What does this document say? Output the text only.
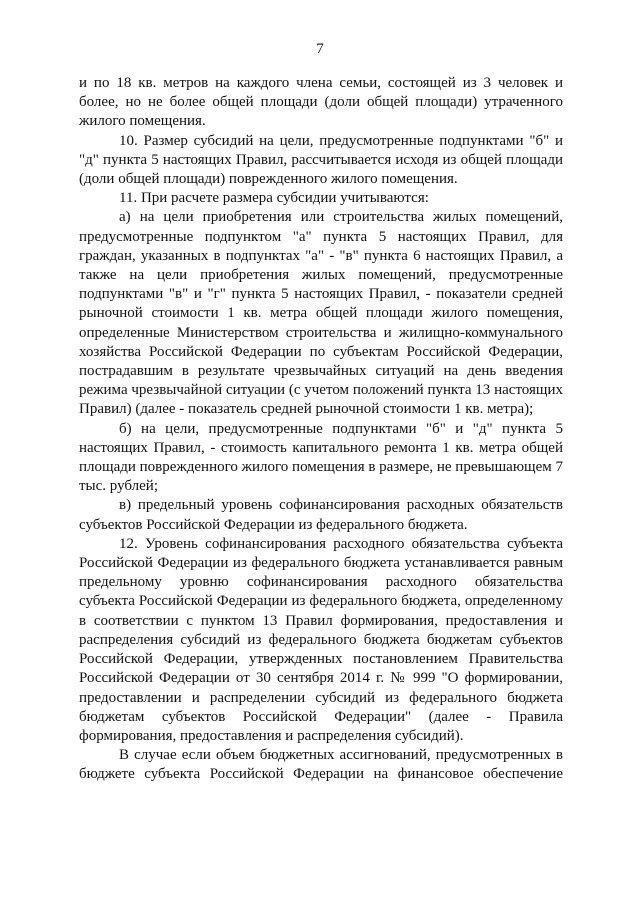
7

и по 18 кв. метров на каждого члена семьи, состоящей из 3 человек и более, но не более общей площади (доли общей площади) утраченного жилого помещения.

10. Размер субсидий на цели, предусмотренные подпунктами "б" и "д" пункта 5 настоящих Правил, рассчитывается исходя из общей площади (доли общей площади) поврежденного жилого помещения.

11. При расчете размера субсидии учитываются:

а) на цели приобретения или строительства жилых помещений, предусмотренные подпунктом "а" пункта 5 настоящих Правил, для граждан, указанных в подпунктах "а" - "в" пункта 6 настоящих Правил, а также на цели приобретения жилых помещений, предусмотренные подпунктами "в" и "г" пункта 5 настоящих Правил, - показатели средней рыночной стоимости 1 кв. метра общей площади жилого помещения, определенные Министерством строительства и жилищно-коммунального хозяйства Российской Федерации по субъектам Российской Федерации, пострадавшим в результате чрезвычайных ситуаций на день введения режима чрезвычайной ситуации (с учетом положений пункта 13 настоящих Правил) (далее - показатель средней рыночной стоимости 1 кв. метра);

б) на цели, предусмотренные подпунктами "б" и "д" пункта 5 настоящих Правил, - стоимость капитального ремонта 1 кв. метра общей площади поврежденного жилого помещения в размере, не превышающем 7 тыс. рублей;

в) предельный уровень софинансирования расходных обязательств субъектов Российской Федерации из федерального бюджета.

12. Уровень софинансирования расходного обязательства субъекта Российской Федерации из федерального бюджета устанавливается равным предельному уровню софинансирования расходного обязательства субъекта Российской Федерации из федерального бюджета, определенному в соответствии с пунктом 13 Правил формирования, предоставления и распределения субсидий из федерального бюджета бюджетам субъектов Российской Федерации, утвержденных постановлением Правительства Российской Федерации от 30 сентября 2014 г. № 999 "О формировании, предоставлении и распределении субсидий из федерального бюджета бюджетам субъектов Российской Федерации" (далее - Правила формирования, предоставления и распределения субсидий).

В случае если объем бюджетных ассигнований, предусмотренных в бюджете субъекта Российской Федерации на финансовое обеспечение
